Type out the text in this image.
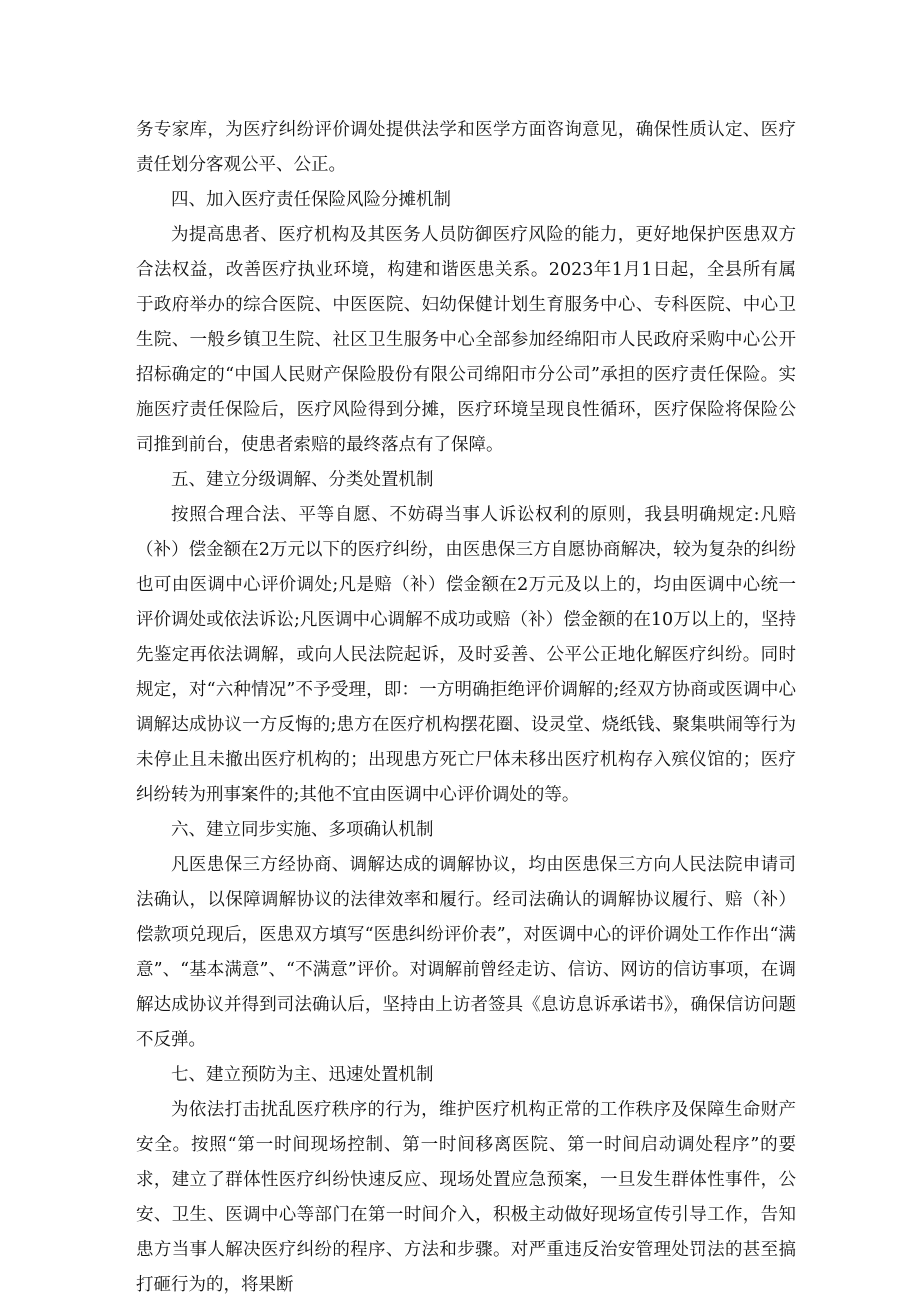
务专家库，为医疗纠纷评价调处提供法学和医学方面咨询意见，确保性质认定、医疗责任划分客观公平、公正。

四、加入医疗责任保险风险分摊机制

为提高患者、医疗机构及其医务人员防御医疗风险的能力，更好地保护医患双方合法权益，改善医疗执业环境，构建和谐医患关系。2023年1月1日起，全县所有属于政府举办的综合医院、中医医院、妇幼保健计划生育服务中心、专科医院、中心卫生院、一般乡镇卫生院、社区卫生服务中心全部参加经绵阳市人民政府采购中心公开招标确定的“中国人民财产保险股份有限公司绵阳市分公司”承担的医疗责任保险。实施医疗责任保险后，医疗风险得到分摊，医疗环境呈现良性循环，医疗保险将保险公司推到前台，使患者索赔的最终落点有了保障。

五、建立分级调解、分类处置机制

按照合理合法、平等自愿、不妨碍当事人诉讼权利的原则，我县明确规定:凡赔（补）偿金额在2万元以下的医疗纠纷，由医患保三方自愿协商解决，较为复杂的纠纷也可由医调中心评价调处;凡是赔（补）偿金额在2万元及以上的，均由医调中心统一评价调处或依法诉讼;凡医调中心调解不成功或赔（补）偿金额的在10万以上的，坚持先鉴定再依法调解，或向人民法院起诉，及时妥善、公平公正地化解医疗纠纷。同时规定，对“六种情况”不予受理，即：一方明确拒绝评价调解的;经双方协商或医调中心调解达成协议一方反悔的;患方在医疗机构摆花圈、设灵堂、烧纸钱、聚集哄闹等行为未停止且未撤出医疗机构的；出现患方死亡尸体未移出医疗机构存入殡仪馆的；医疗纠纷转为刑事案件的;其他不宜由医调中心评价调处的等。

六、建立同步实施、多项确认机制

凡医患保三方经协商、调解达成的调解协议，均由医患保三方向人民法院申请司法确认，以保障调解协议的法律效率和履行。经司法确认的调解协议履行、赔（补）偿款项兑现后，医患双方填写“医患纠纷评价表”，对医调中心的评价调处工作作出“满意”、“基本满意”、“不满意”评价。对调解前曾经走访、信访、网访的信访事项，在调解达成协议并得到司法确认后，坚持由上访者签具《息访息诉承诺书》，确保信访问题不反弹。

七、建立预防为主、迅速处置机制

为依法打击扰乱医疗秩序的行为，维护医疗机构正常的工作秩序及保障生命财产安全。按照“第一时间现场控制、第一时间移离医院、第一时间启动调处程序”的要求，建立了群体性医疗纠纷快速反应、现场处置应急预案，一旦发生群体性事件，公安、卫生、医调中心等部门在第一时间介入，积极主动做好现场宣传引导工作，告知患方当事人解决医疗纠纷的程序、方法和步骤。对严重违反治安管理处罚法的甚至搞打砸行为的，将果断
